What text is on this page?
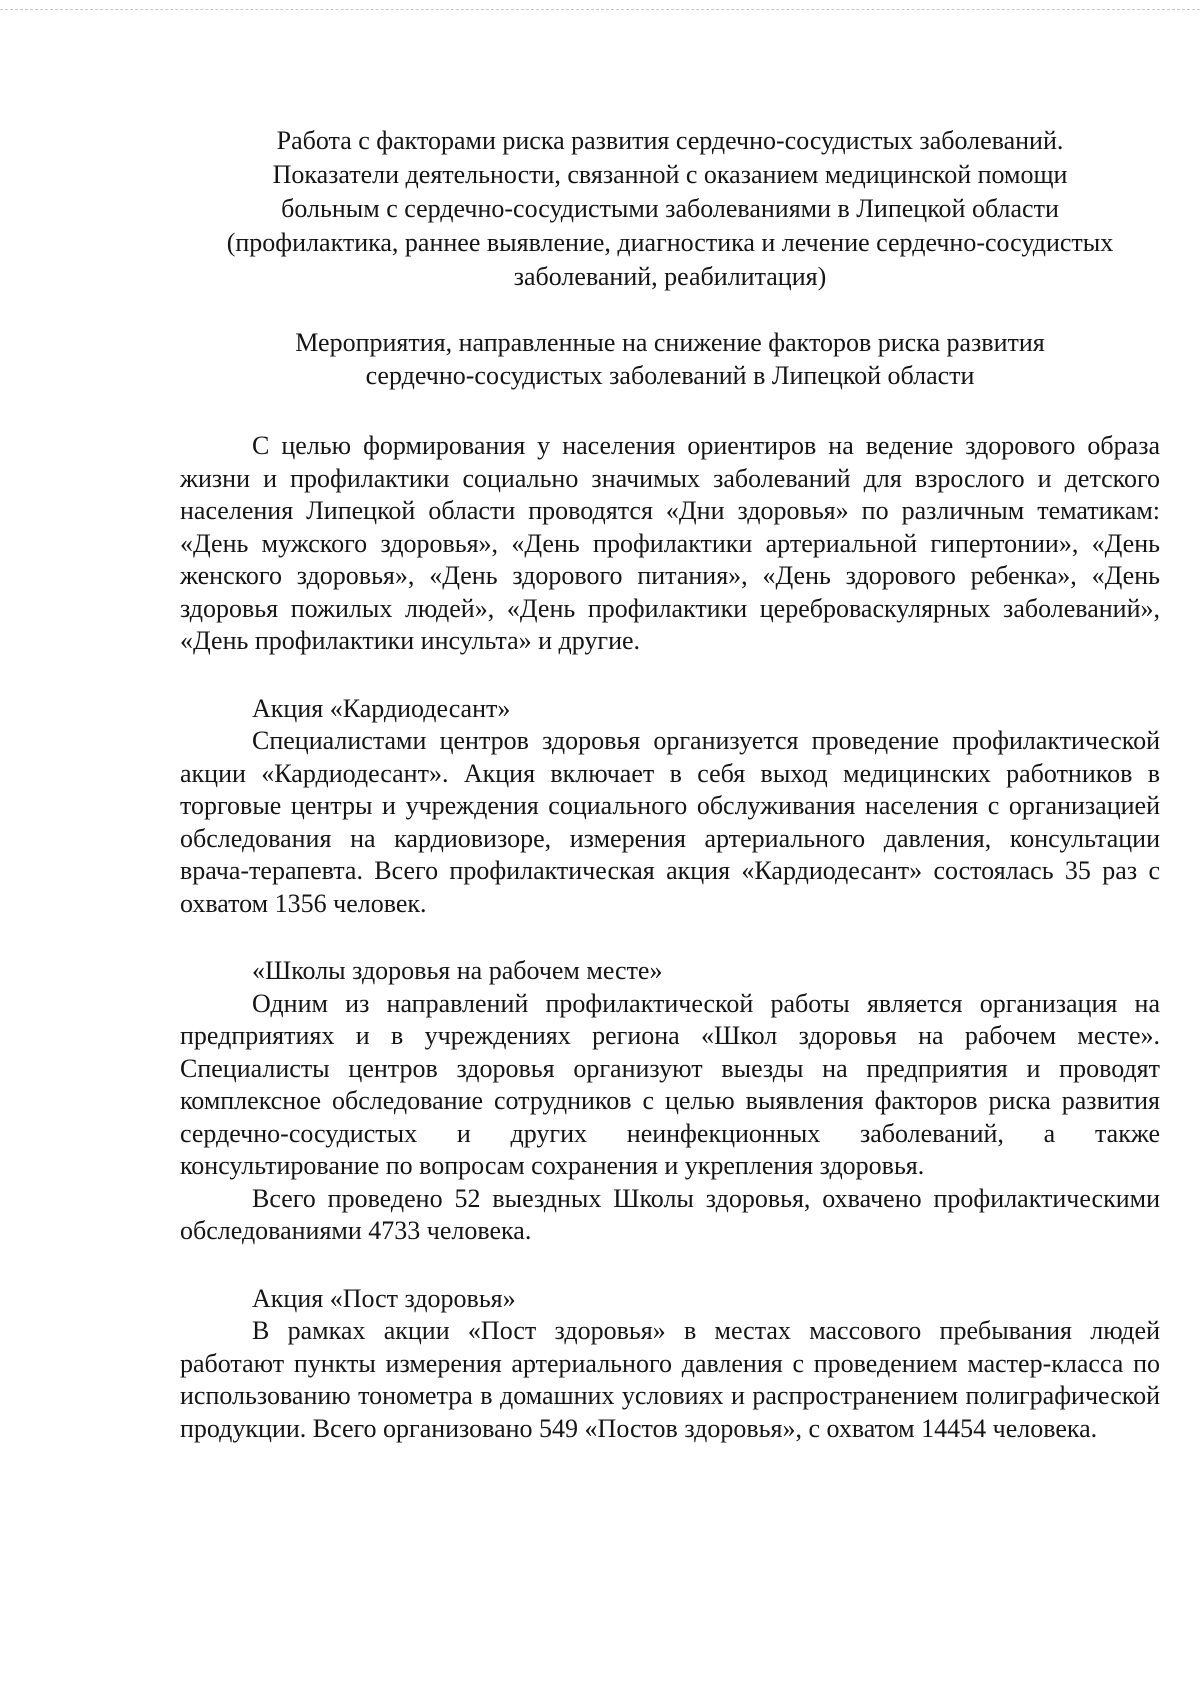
Работа с факторами риска развития сердечно-сосудистых заболеваний.
Показатели деятельности, связанной с оказанием медицинской помощи
больным с сердечно-сосудистыми заболеваниями в Липецкой области
(профилактика, раннее выявление, диагностика и лечение сердечно-сосудистых
заболеваний, реабилитация)
Мероприятия, направленные на снижение факторов риска развития
сердечно-сосудистых заболеваний в Липецкой области

С целью формирования у населения ориентиров на ведение здорового образа жизни и профилактики социально значимых заболеваний для взрослого и детского населения Липецкой области проводятся «Дни здоровья» по различным тематикам: «День мужского здоровья», «День профилактики артериальной гипертонии», «День женского здоровья», «День здорового питания», «День здорового ребенка», «День здоровья пожилых людей», «День профилактики цереброваскулярных заболеваний», «День профилактики инсульта» и другие.

Акция «Кардиодесант»

Специалистами центров здоровья организуется проведение профилактической акции «Кардиодесант». Акция включает в себя выход медицинских работников в торговые центры и учреждения социального обслуживания населения с организацией обследования на кардиовизоре, измерения артериального давления, консультации врача-терапевта. Всего профилактическая акция «Кардиодесант» состоялась 35 раз с охватом 1356 человек.

«Школы здоровья на рабочем месте»

Одним из направлений профилактической работы является организация на предприятиях и в учреждениях региона «Школ здоровья на рабочем месте». Специалисты центров здоровья организуют выезды на предприятия и проводят комплексное обследование сотрудников с целью выявления факторов риска развития сердечно-сосудистых и других неинфекционных заболеваний, а также консультирование по вопросам сохранения и укрепления здоровья.

Всего проведено 52 выездных Школы здоровья, охвачено профилактическими обследованиями 4733 человека.

Акция «Пост здоровья»

В рамках акции «Пост здоровья» в местах массового пребывания людей работают пункты измерения артериального давления с проведением мастер-класса по использованию тонометра в домашних условиях и распространением полиграфической продукции. Всего организовано 549 «Постов здоровья», с охватом 14454 человека.
